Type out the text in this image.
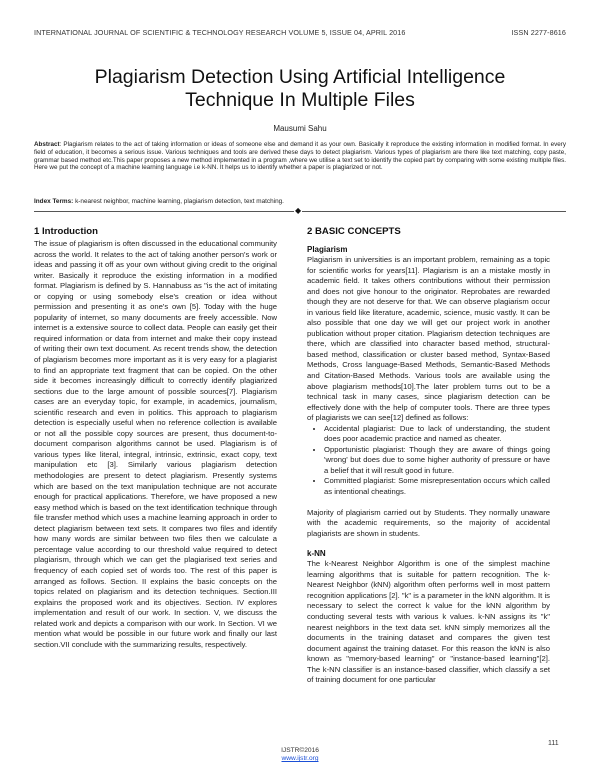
INTERNATIONAL JOURNAL OF SCIENTIFIC & TECHNOLOGY RESEARCH VOLUME 5, ISSUE 04, APRIL 2016	ISSN 2277-8616
Plagiarism Detection Using Artificial Intelligence
Technique In Multiple Files
Mausumi Sahu
Abstract: Plagiarism relates to the act of taking information or ideas of someone else and demand it as your own. Basically it reproduce the existing information in modified format. In every field of education, it becomes a serious issue. Various techniques and tools are derived these days to detect plagiarism. Various types of plagiarism are there like text matching, copy paste, grammar based method etc.This paper proposes a new method implemented in a program ,where we utilise a text set to identify the copied part by comparing with some existing multiple files. Here we put the concept of a machine learning language i.e k-NN. It helps us to identify whether a paper is plagiarized or not.
Index Terms: k-nearest neighbor, machine learning, plagiarism detection, text matching.
◆
1 Introduction

The issue of plagiarism is often discussed in the educational community across the world. It relates to the act of taking another person's work or ideas and passing it off as your own without giving credit to the original writer. Basically it reproduce the existing information in a modified format. Plagiarism is defined by S. Hannabuss as "is the act of imitating or copying or using somebody else's creation or idea without permission and presenting it as one's own [5]. Today with the huge popularity of internet, so many documents are freely accessible. Now internet is a extensive source to collect data. People can easily get their required information or data from internet and make their copy instead of writing their own text document. As recent trends show, the detection of plagiarism becomes more important as it is very easy for a plagiarist to find an appropriate text fragment that can be copied. On the other side it becomes increasingly difficult to correctly identify plagiarized sections due to the large amount of possible sources[7]. Plagiarism cases are an everyday topic, for example, in academics, journalism, scientific research and even in politics. This approach to plagiarism detection is especially useful when no reference collection is available or not all the possible copy sources are present, thus document-to-document comparison algorithms cannot be used. Plagiarism is of various types like literal, integral, intrinsic, extrinsic, exact copy, text manipulation etc [3]. Similarly various plagiarism detection methodologies are present to detect plagiarism. Presently systems which are based on the text manipulation technique are not accurate enough for practical applications. Therefore, we have proposed a new easy method which is based on the text identification technique through file transfer method which uses a machine learning approach in order to detect plagiarism between text sets. It compares two files and identify how many words are similar between two files then we calculate a percentage value according to our threshold value required to detect plagiarism, through which we can get the plagiarised text series and frequency of each copied set of words too. The rest of this paper is arranged as follows. Section. II explains the basic concepts on the topics related on plagiarism and its detection techniques. Section.III explains the proposed work and its objectives. Section. IV explores implementation and result of our work. In section. V, we discuss the related work and depicts a comparison with our work. In Section. VI we mention what would be possible in our future work and finally our last section.VII conclude with the summarizing results, respectively.

2 BASIC CONCEPTS
Plagiarism

Plagiarism in universities is an important problem, remaining as a topic for scientific works for years[11]. Plagiarism is an a mistake mostly in academic field. It takes others contributions without their permission and does not give honour to the originator. Reprobates are rewarded though they are not deserve for that. We can observe plagiarism occur in various field like literature, academic, science, music vastly. It can be also possible that one day we will get our project work in another publication without proper citation. Plagiarism detection techniques are there, which are classified into character based method, structural-based method, classification or cluster based method, Syntax-Based Methods, Cross language-Based Methods, Semantic-Based Methods and Citation-Based Methods. Various tools are available using the above plagiarism methods[10].The later problem turns out to be a technical task in many cases, since plagiarism detection can be effectively done with the help of computer tools. There are three types of plagiarists we can see[12] defined as follows:

• Accidental plagiarist: Due to lack of understanding, the student does poor academic practice and named as cheater.
• Opportunistic plagiarist: Though they are aware of things going 'wrong' but does due to some higher authority of pressure or have a belief that it will result good in future.
• Committed plagiarist: Some misrepresentation occurs which called as intentional cheatings.

Majority of plagiarism carried out by Students. They normally unaware with the academic requirements, so the majority of accidental plagiarists are shown in students.

k-NN

The k-Nearest Neighbor Algorithm is one of the simplest machine learning algorithms that is suitable for pattern recognition. The k-Nearest Neighbor (kNN) algorithm often performs well in most pattern recognition applications [2]. "k" is a parameter in the kNN algorithm. It is necessary to select the correct k value for the kNN algorithm by conducting several tests with various k values. k-NN assigns its "k" nearest neighbors in the text data set. kNN simply memorizes all the documents in the training dataset and compares the given test document against the training dataset. For this reason the kNN is also known as "memory-based learning" or "instance-based learning"[2]. The k-NN classifier is an instance-based classifier, which classify a set of training document for one particular

111
IJSTR©2016
www.ijstr.org
